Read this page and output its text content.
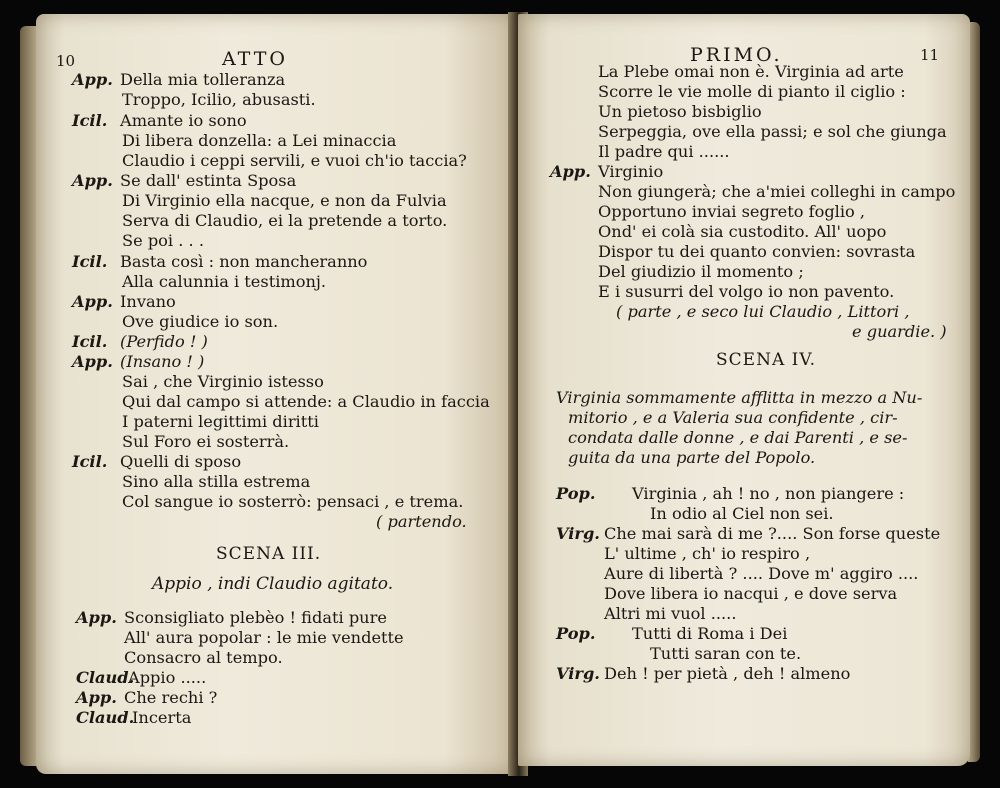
10	ATTO
App. Della mia tolleranza
Troppo, Icilio, abusasti.
Icil. Amante io sono
Di libera donzella: a Lei minaccia
Claudio i ceppi servili, e vuoi ch'io taccia?
App. Se dall' estinta Sposa
Di Virginio ella nacque, e non da Fulvia
Serva di Claudio, ei la pretende a torto.
Se poi . . .
Icil. Basta così : non mancheranno
Alla calunnia i testimonj.
App. Invano
Ove giudice io son.
Icil. (Perfido ! )
App. (Insano ! )
Sai , che Virginio istesso
Qui dal campo si attende: a Claudio in faccia
I paterni legittimi diritti
Sul Foro ei sosterrà.
Icil. Quelli di sposo
Sino alla stilla estrema
Col sangue io sosterrò: pensaci , e trema.
( partendo.
SCENA III.
Appio , indi Claudio agitato.
App. Sconsigliato plebèo ! fidati pure
All' aura popolar : le mie vendette
Consacro al tempo.
Claud.
Appio .....
App. Che rechi ?
Claud.
Incerta
PRIMO.	11
La Plebe omai non è. Virginia ad arte
Scorre le vie molle di pianto il ciglio :
Un pietoso bisbiglio
Serpeggia, ove ella passi; e sol che giunga
Il padre qui ......
App. Virginio
Non giungerà; che a'miei colleghi in campo
Opportuno inviai segreto foglio ,
Ond' ei colà sia custodito. All' uopo
Dispor tu dei quanto convien: sovrasta
Del giudizio il momento ;
E i susurri del volgo io non pavento.
( parte , e seco lui Claudio , Littori ,
e guardie. )
SCENA IV.
Virginia sommamente afflitta in mezzo a Nu-
mitorio , e a Valeria sua confidente , cir-
condata dalle donne , e dai Parenti , e se-
guita da una parte del Popolo.
Pop. Virginia , ah ! no , non piangere :
In odio al Ciel non sei.
Virg. Che mai sarà di me ?.... Son forse queste
L' ultime , ch' io respiro ,
Aure di libertà ? .... Dove m' aggiro ....
Dove libera io nacqui , e dove serva
Altri mi vuol .....
Pop. Tutti di Roma i Dei
Tutti saran con te.
Virg. Deh ! per pietà , deh ! almeno
